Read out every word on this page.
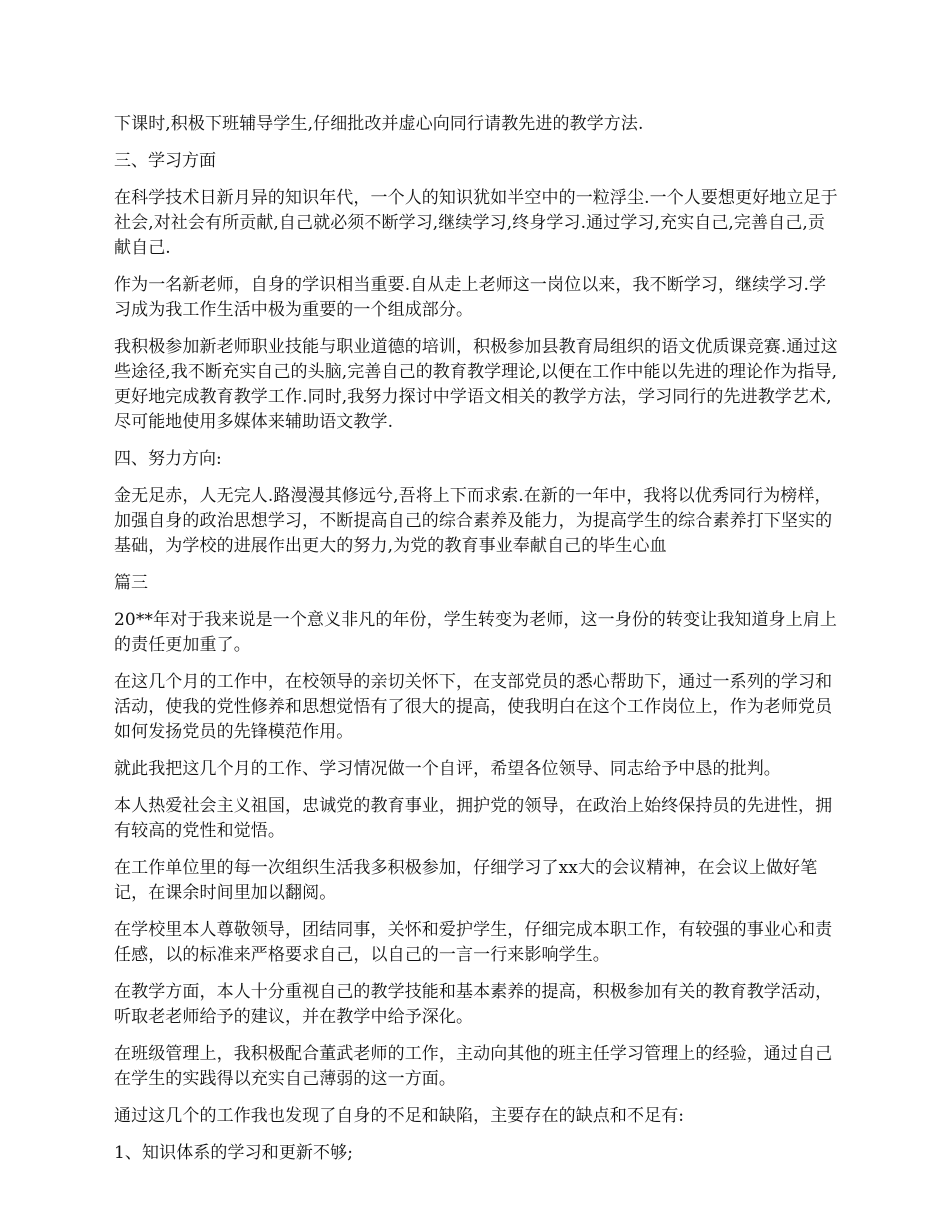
下课时,积极下班辅导学生,仔细批改并虚心向同行请教先进的教学方法.

三、学习方面

在科学技术日新月异的知识年代，一个人的知识犹如半空中的一粒浮尘.一个人要想更好地立足于社会,对社会有所贡献,自己就必须不断学习,继续学习,终身学习.通过学习,充实自己,完善自己,贡献自己.

作为一名新老师，自身的学识相当重要.自从走上老师这一岗位以来，我不断学习，继续学习.学习成为我工作生活中极为重要的一个组成部分。

我积极参加新老师职业技能与职业道德的培训，积极参加县教育局组织的语文优质课竞赛.通过这些途径,我不断充实自己的头脑,完善自己的教育教学理论,以便在工作中能以先进的理论作为指导,更好地完成教育教学工作.同时,我努力探讨中学语文相关的教学方法，学习同行的先进教学艺术,尽可能地使用多媒体来辅助语文教学.

四、努力方向:

金无足赤，人无完人.路漫漫其修远兮,吾将上下而求索.在新的一年中，我将以优秀同行为榜样，加强自身的政治思想学习，不断提高自己的综合素养及能力，为提高学生的综合素养打下坚实的基础，为学校的进展作出更大的努力,为党的教育事业奉献自己的毕生心血

篇三

20**年对于我来说是一个意义非凡的年份，学生转变为老师，这一身份的转变让我知道身上肩上的责任更加重了。

在这几个月的工作中，在校领导的亲切关怀下，在支部党员的悉心帮助下，通过一系列的学习和活动，使我的党性修养和思想觉悟有了很大的提高，使我明白在这个工作岗位上，作为老师党员如何发扬党员的先锋模范作用。

就此我把这几个月的工作、学习情况做一个自评，希望各位领导、同志给予中恳的批判。

本人热爱社会主义祖国，忠诚党的教育事业，拥护党的领导，在政治上始终保持员的先进性，拥有较高的党性和觉悟。

在工作单位里的每一次组织生活我多积极参加，仔细学习了xx大的会议精神，在会议上做好笔记，在课余时间里加以翻阅。

在学校里本人尊敬领导，团结同事，关怀和爱护学生，仔细完成本职工作，有较强的事业心和责任感，以的标准来严格要求自己，以自己的一言一行来影响学生。

在教学方面，本人十分重视自己的教学技能和基本素养的提高，积极参加有关的教育教学活动，听取老老师给予的建议，并在教学中给予深化。

在班级管理上，我积极配合董武老师的工作，主动向其他的班主任学习管理上的经验，通过自己在学生的实践得以充实自己薄弱的这一方面。

通过这几个的工作我也发现了自身的不足和缺陷，主要存在的缺点和不足有:

1、知识体系的学习和更新不够;
